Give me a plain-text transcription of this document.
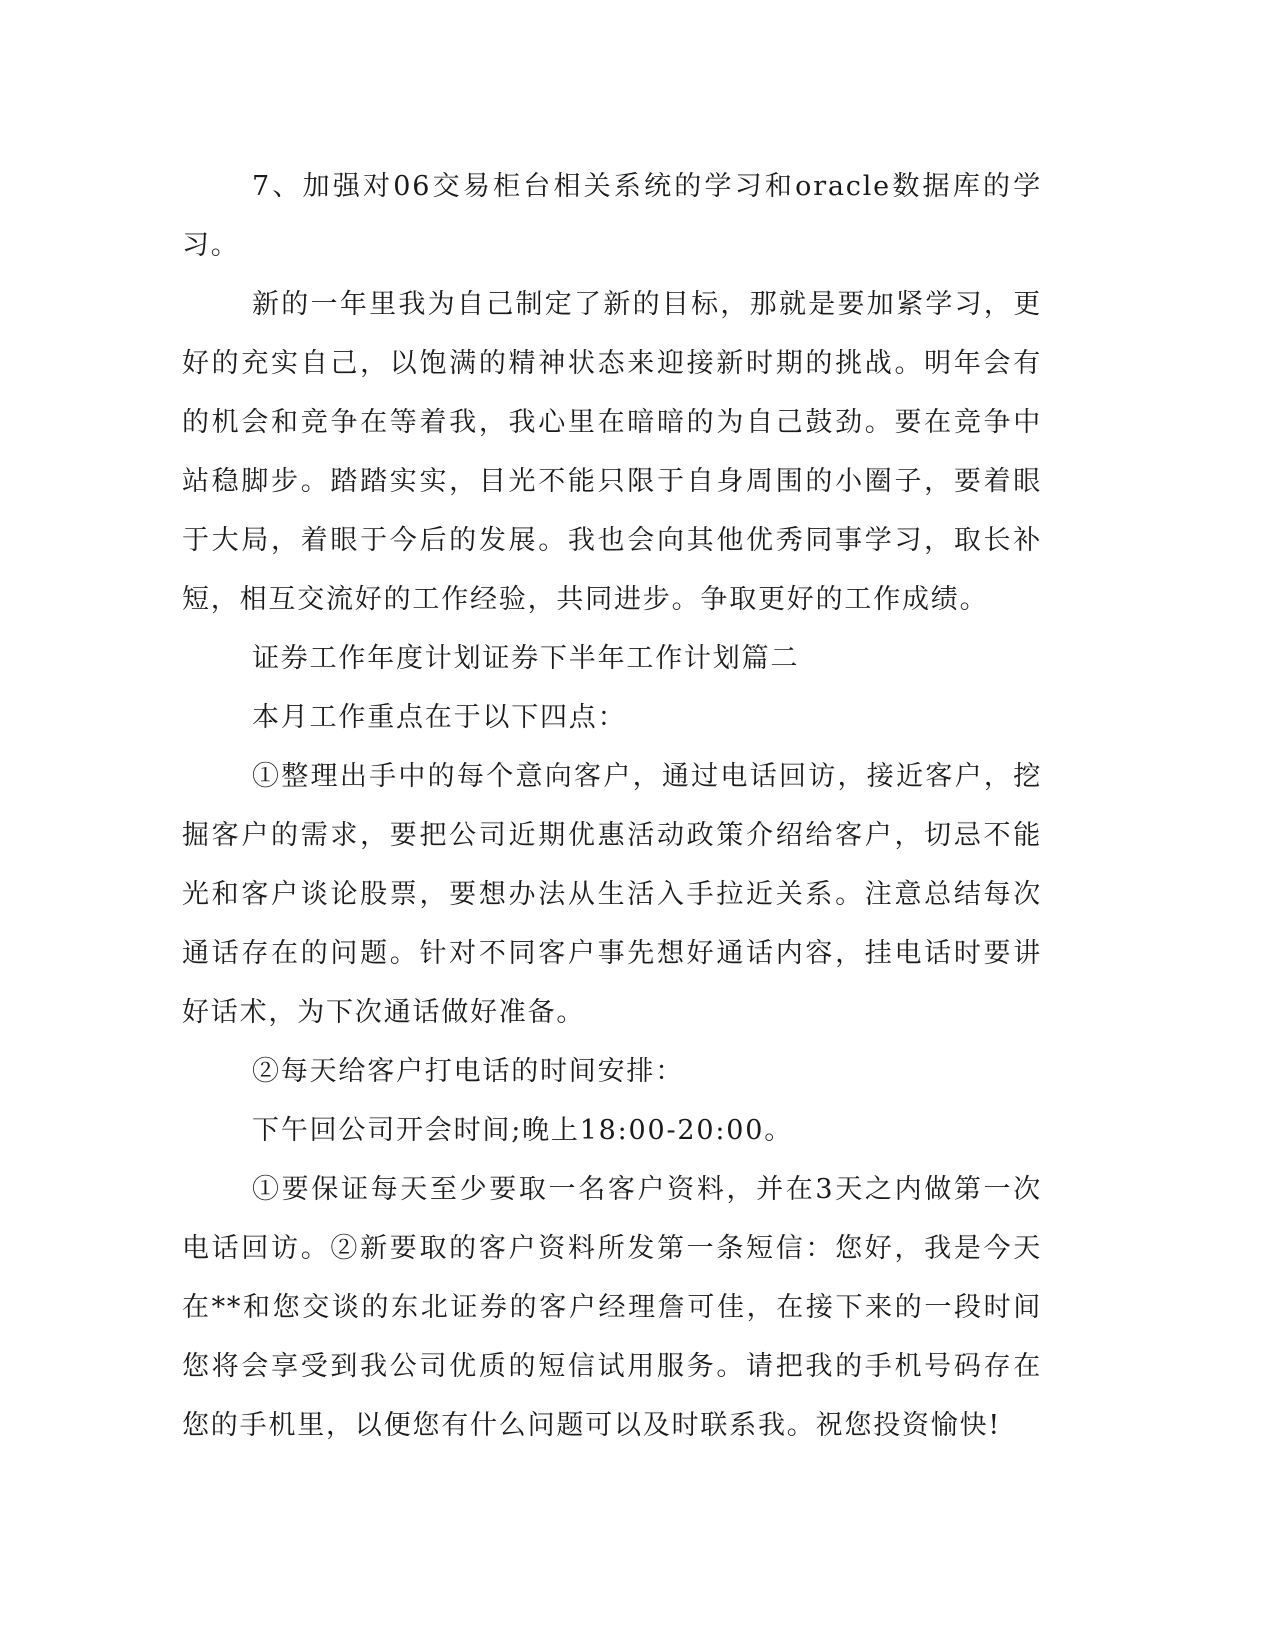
7、加强对06交易柜台相关系统的学习和oracle数据库的学习。

新的一年里我为自己制定了新的目标，那就是要加紧学习，更好的充实自己，以饱满的精神状态来迎接新时期的挑战。明年会有的机会和竞争在等着我，我心里在暗暗的为自己鼓劲。要在竞争中站稳脚步。踏踏实实，目光不能只限于自身周围的小圈子，要着眼于大局，着眼于今后的发展。我也会向其他优秀同事学习，取长补短，相互交流好的工作经验，共同进步。争取更好的工作成绩。

证券工作年度计划证券下半年工作计划篇二

本月工作重点在于以下四点：

①整理出手中的每个意向客户，通过电话回访，接近客户，挖掘客户的需求，要把公司近期优惠活动政策介绍给客户，切忌不能光和客户谈论股票，要想办法从生活入手拉近关系。注意总结每次通话存在的问题。针对不同客户事先想好通话内容，挂电话时要讲好话术，为下次通话做好准备。

②每天给客户打电话的时间安排：

下午回公司开会时间;晚上18:00-20:00。

①要保证每天至少要取一名客户资料，并在3天之内做第一次电话回访。②新要取的客户资料所发第一条短信：您好，我是今天在**和您交谈的东北证券的客户经理詹可佳，在接下来的一段时间您将会享受到我公司优质的短信试用服务。请把我的手机号码存在您的手机里，以便您有什么问题可以及时联系我。祝您投资愉快!
